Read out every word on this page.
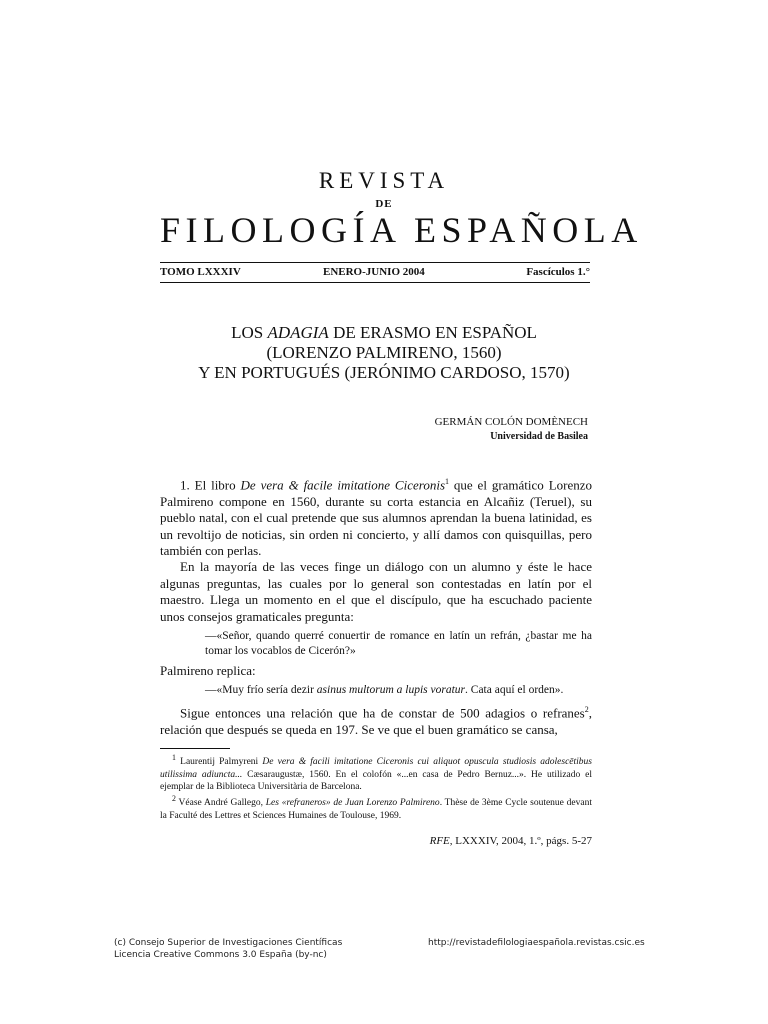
REVISTA
DE
FILOLOGÍA ESPAÑOLA
TOMO LXXXIV	ENERO-JUNIO 2004	Fascículos 1.°
LOS ADAGIA DE ERASMO EN ESPAÑOL
(LORENZO PALMIRENO, 1560)
Y EN PORTUGUÉS (JERÓNIMO CARDOSO, 1570)
GERMÁN COLÓN DOMÈNECH
Universidad de Basilea

1. El libro De vera & facile imitatione Ciceronis$^1$ que el gramático Lorenzo Palmireno compone en 1560, durante su corta estancia en Alcañiz (Teruel), su pueblo natal, con el cual pretende que sus alumnos aprendan la buena latinidad, es un revoltijo de noticias, sin orden ni concierto, y allí damos con quisquillas, pero también con perlas.

En la mayoría de las veces finge un diálogo con un alumno y éste le hace algunas preguntas, las cuales por lo general son contestadas en latín por el maestro. Llega un momento en el que el discípulo, que ha escuchado paciente unos consejos gramaticales pregunta:

—«Señor, quando querré conuertir de romance en latín un refrán, ¿bastar me ha tomar los vocablos de Cicerón?»

Palmireno replica:

—«Muy frío sería dezir asinus multorum a lupis voratur. Cata aquí el orden».

Sigue entonces una relación que ha de constar de 500 adagios o refranes$^2$, relación que después se queda en 197. Se ve que el buen gramático se cansa,

$^1$ Laurentij Palmyreni De vera & facili imitatione Ciceronis cui aliquot opuscula studiosis adolescētibus utilissima adiuncta... Cæsaraugustæ, 1560. En el colofón «...en casa de Pedro Bernuz...». He utilizado el ejemplar de la Biblioteca Universitària de Barcelona.

$^2$ Véase André Gallego, Les «refraneros» de Juan Lorenzo Palmireno. Thèse de 3ème Cycle soutenue devant la Faculté des Lettres et Sciences Humaines de Toulouse, 1969.

RFE, LXXXIV, 2004, 1.º, págs. 5-27
(c) Consejo Superior de Investigaciones Científicas
Licencia Creative Commons 3.0 España (by-nc)
http://revistadefilologiaespañola.revistas.csic.es
